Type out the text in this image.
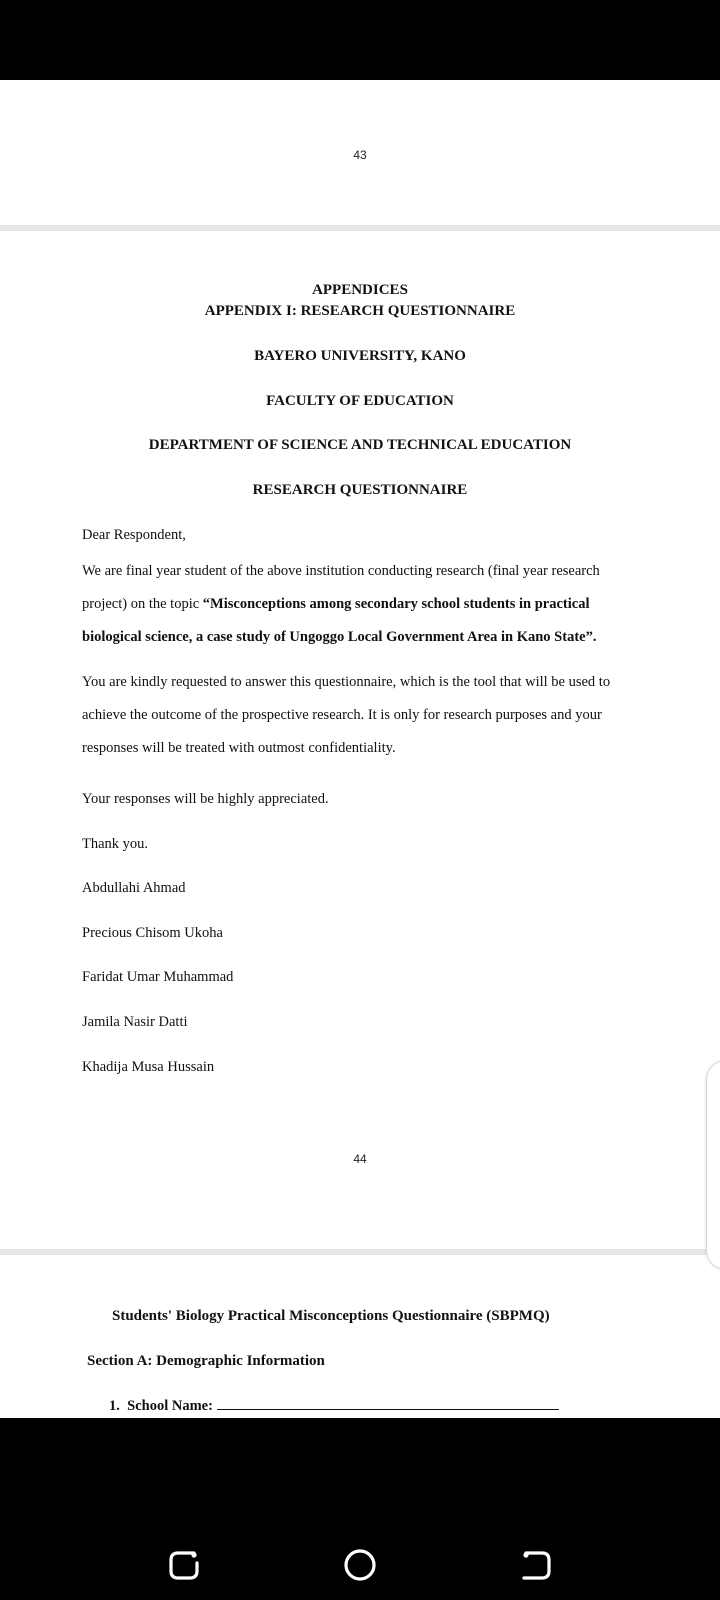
43
APPENDICES
APPENDIX I: RESEARCH QUESTIONNAIRE
BAYERO UNIVERSITY, KANO
FACULTY OF EDUCATION
DEPARTMENT OF SCIENCE AND TECHNICAL EDUCATION
RESEARCH QUESTIONNAIRE
Dear Respondent,
We are final year student of the above institution conducting research (final year research project) on the topic “Misconceptions among secondary school students in practical biological science, a case study of Ungoggo Local Government Area in Kano State”.
You are kindly requested to answer this questionnaire, which is the tool that will be used to achieve the outcome of the prospective research. It is only for research purposes and your responses will be treated with outmost confidentiality.
Your responses will be highly appreciated.
Thank you.
Abdullahi Ahmad
Precious Chisom Ukoha
Faridat Umar Muhammad
Jamila Nasir Datti
Khadija Musa Hussain
44
Students' Biology Practical Misconceptions Questionnaire (SBPMQ)
Section A: Demographic Information
1. School Name:
